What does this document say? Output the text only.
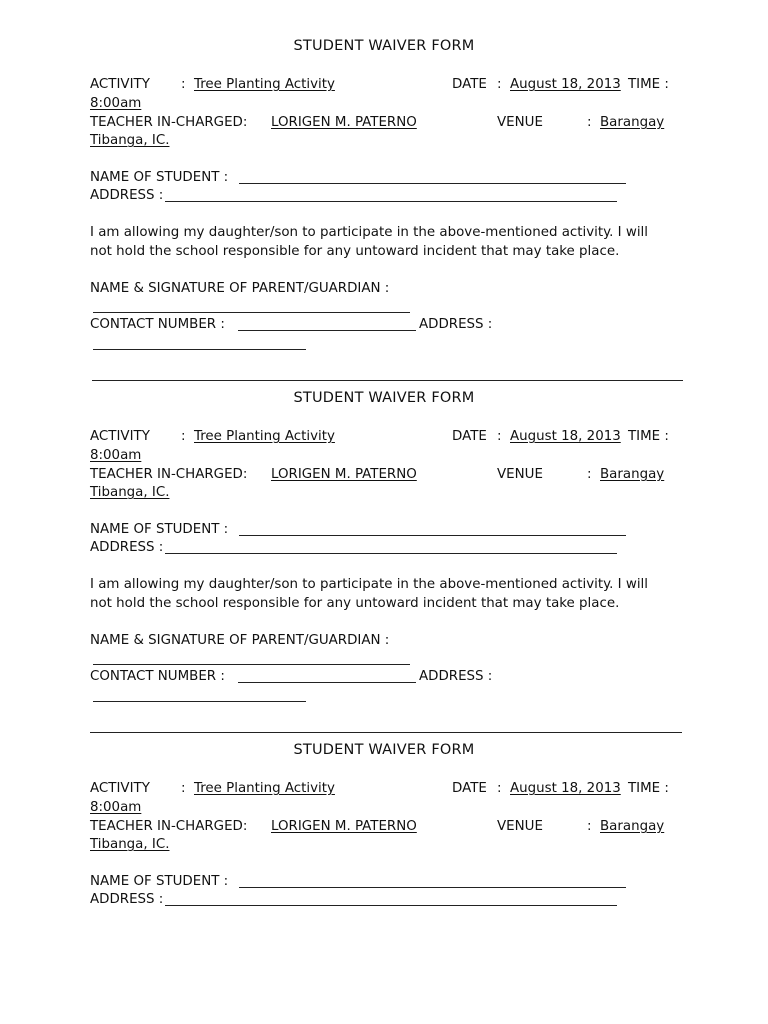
STUDENT WAIVER FORM
ACTIVITY : Tree Planting Activity	DATE : August 18, 2013 TIME :
8:00am
TEACHER IN-CHARGED: LORIGEN M. PATERNO	VENUE	: Barangay
Tibanga, IC.
NAME OF STUDENT :
ADDRESS :
I am allowing my daughter/son to participate in the above-mentioned activity. I will
not hold the school responsible for any untoward incident that may take place.
NAME & SIGNATURE OF PARENT/GUARDIAN :
CONTACT NUMBER :	ADDRESS :
STUDENT WAIVER FORM
ACTIVITY : Tree Planting Activity	DATE : August 18, 2013 TIME :
8:00am
TEACHER IN-CHARGED: LORIGEN M. PATERNO	VENUE	: Barangay
Tibanga, IC.
NAME OF STUDENT :
ADDRESS :
I am allowing my daughter/son to participate in the above-mentioned activity. I will
not hold the school responsible for any untoward incident that may take place.
NAME & SIGNATURE OF PARENT/GUARDIAN :
CONTACT NUMBER :	ADDRESS :
STUDENT WAIVER FORM
ACTIVITY : Tree Planting Activity	DATE : August 18, 2013 TIME :
8:00am
TEACHER IN-CHARGED: LORIGEN M. PATERNO	VENUE	: Barangay
Tibanga, IC.
NAME OF STUDENT :
ADDRESS :
